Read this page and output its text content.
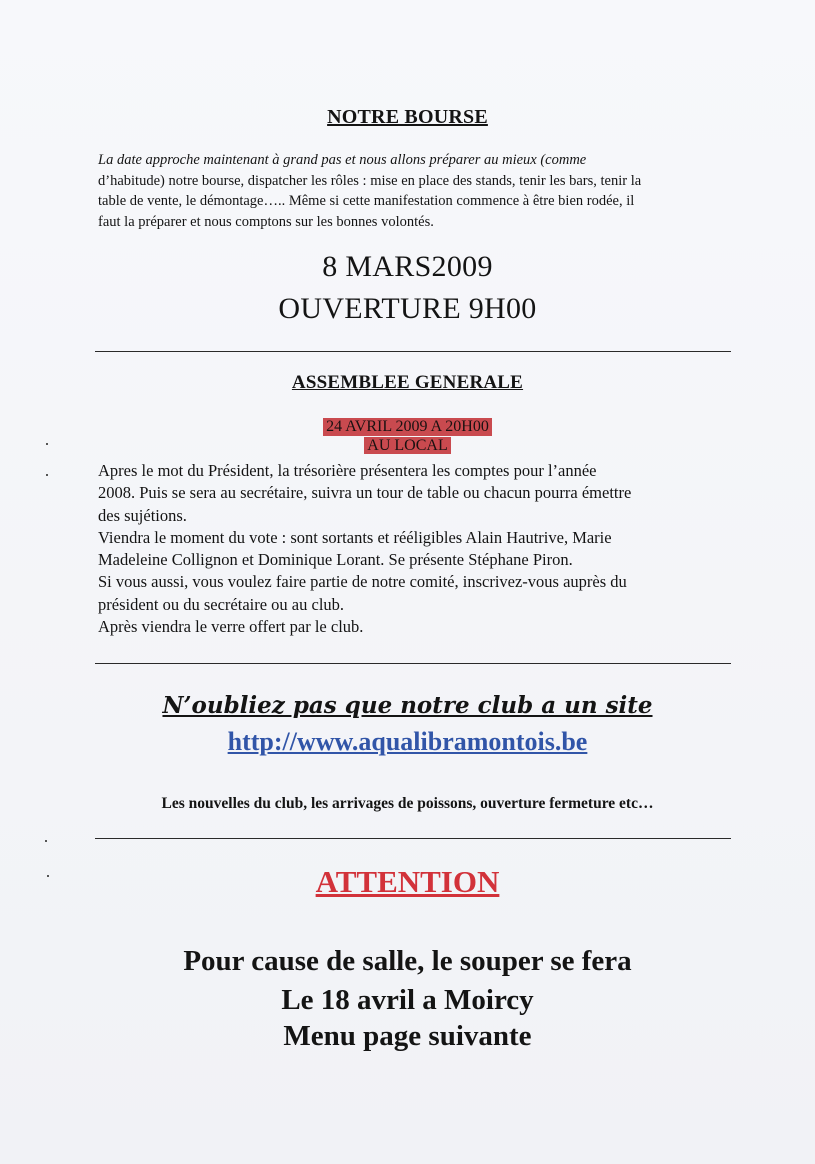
NOTRE BOURSE
La date approche maintenant à grand pas et nous allons préparer au mieux (comme
d’habitude) notre bourse, dispatcher les rôles : mise en place des stands, tenir les bars, tenir la
table de vente, le démontage….. Même si cette manifestation commence à être bien rodée, il
faut la préparer et nous comptons sur les bonnes volontés.
8 MARS2009
OUVERTURE 9H00
ASSEMBLEE GENERALE
24 AVRIL 2009 A 20H00
AU LOCAL
Apres le mot du Président, la trésorière présentera les comptes pour l’année
2008. Puis se sera au secrétaire, suivra un tour de table ou chacun pourra émettre
des sujétions.
Viendra le moment du vote : sont sortants et rééligibles Alain Hautrive, Marie
Madeleine Collignon et Dominique Lorant. Se présente Stéphane Piron.
Si vous aussi, vous voulez faire partie de notre comité, inscrivez-vous auprès du
président ou du secrétaire ou au club.
Après viendra le verre offert par le club.
N’oubliez pas que notre club a un site
http://www.aqualibramontois.be
Les nouvelles du club, les arrivages de poissons, ouverture fermeture etc…
ATTENTION
Pour cause de salle, le souper se fera
Le 18 avril a Moircy
Menu page suivante
